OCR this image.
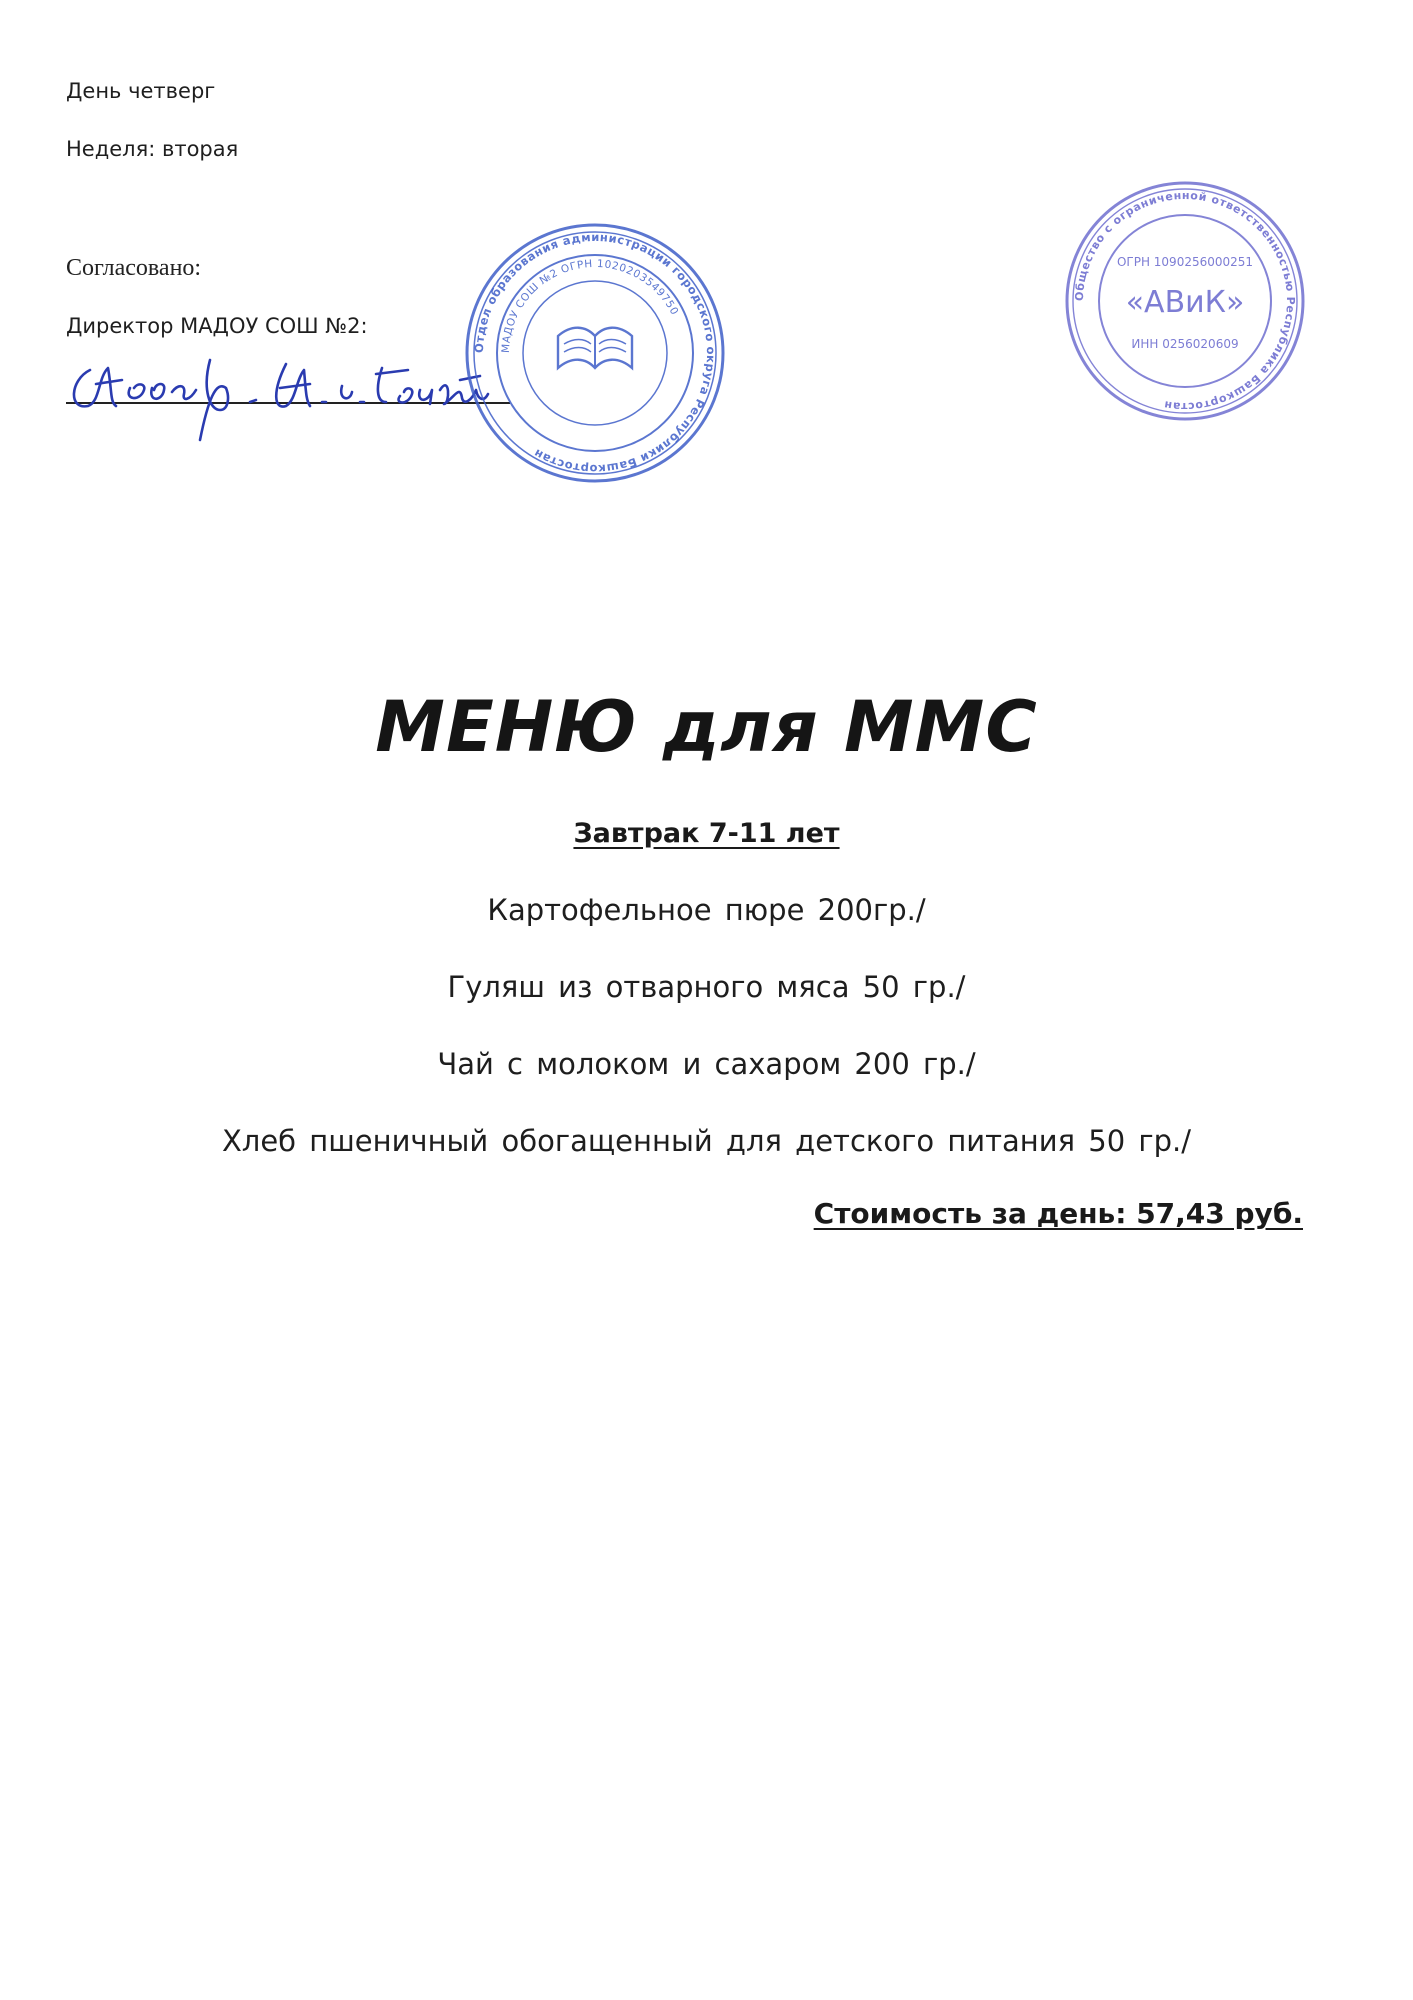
День четверг
Неделя: вторая
Согласовано:
Директор МАДОУ СОШ №2:
Отдел образования администрации городского округа Республики Башкортостан
МАДОУ СОШ №2 ОГРН 1020203549750
Общество с ограниченной ответственностью Республика Башкортостан
ОГРН 1090256000251
«АВиК»
ИНН 0256020609
МЕНЮ для ММС
Завтрак 7-11 лет
Картофельное пюре 200гр./
Гуляш из отварного мяса 50 гр./
Чай с молоком и сахаром 200 гр./
Хлеб пшеничный обогащенный для детского питания 50 гр./
Стоимость за день: 57,43 руб.
